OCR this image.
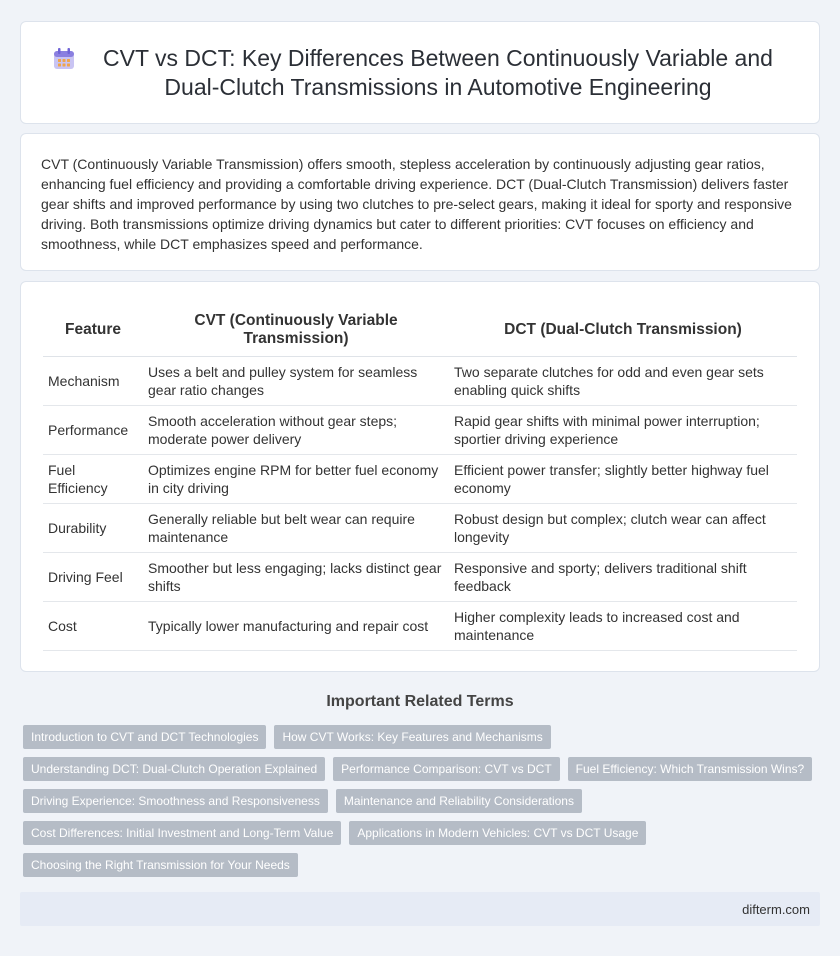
CVT vs DCT: Key Differences Between Continuously Variable and Dual-Clutch Transmissions in Automotive Engineering

CVT (Continuously Variable Transmission) offers smooth, stepless acceleration by continuously adjusting gear ratios, enhancing fuel efficiency and providing a comfortable driving experience. DCT (Dual-Clutch Transmission) delivers faster gear shifts and improved performance by using two clutches to pre-select gears, making it ideal for sporty and responsive driving. Both transmissions optimize driving dynamics but cater to different priorities: CVT focuses on efficiency and smoothness, while DCT emphasizes speed and performance.

Feature	CVT (Continuously Variable Transmission)	DCT (Dual-Clutch Transmission)
Mechanism	Uses a belt and pulley system for seamless gear ratio changes	Two separate clutches for odd and even gear sets enabling quick shifts
Performance	Smooth acceleration without gear steps; moderate power delivery	Rapid gear shifts with minimal power interruption; sportier driving experience
Fuel Efficiency	Optimizes engine RPM for better fuel economy in city driving	Efficient power transfer; slightly better highway fuel economy
Durability	Generally reliable but belt wear can require maintenance	Robust design but complex; clutch wear can affect longevity
Driving Feel	Smoother but less engaging; lacks distinct gear shifts	Responsive and sporty; delivers traditional shift feedback
Cost	Typically lower manufacturing and repair cost	Higher complexity leads to increased cost and maintenance
Important Related Terms
Introduction to CVT and DCT Technologies	How CVT Works: Key Features and Mechanisms
Understanding DCT: Dual-Clutch Operation Explained	Performance Comparison: CVT vs DCT	Fuel Efficiency: Which Transmission Wins?
Driving Experience: Smoothness and Responsiveness	Maintenance and Reliability Considerations
Cost Differences: Initial Investment and Long-Term Value	Applications in Modern Vehicles: CVT vs DCT Usage
Choosing the Right Transmission for Your Needs
difterm.com
